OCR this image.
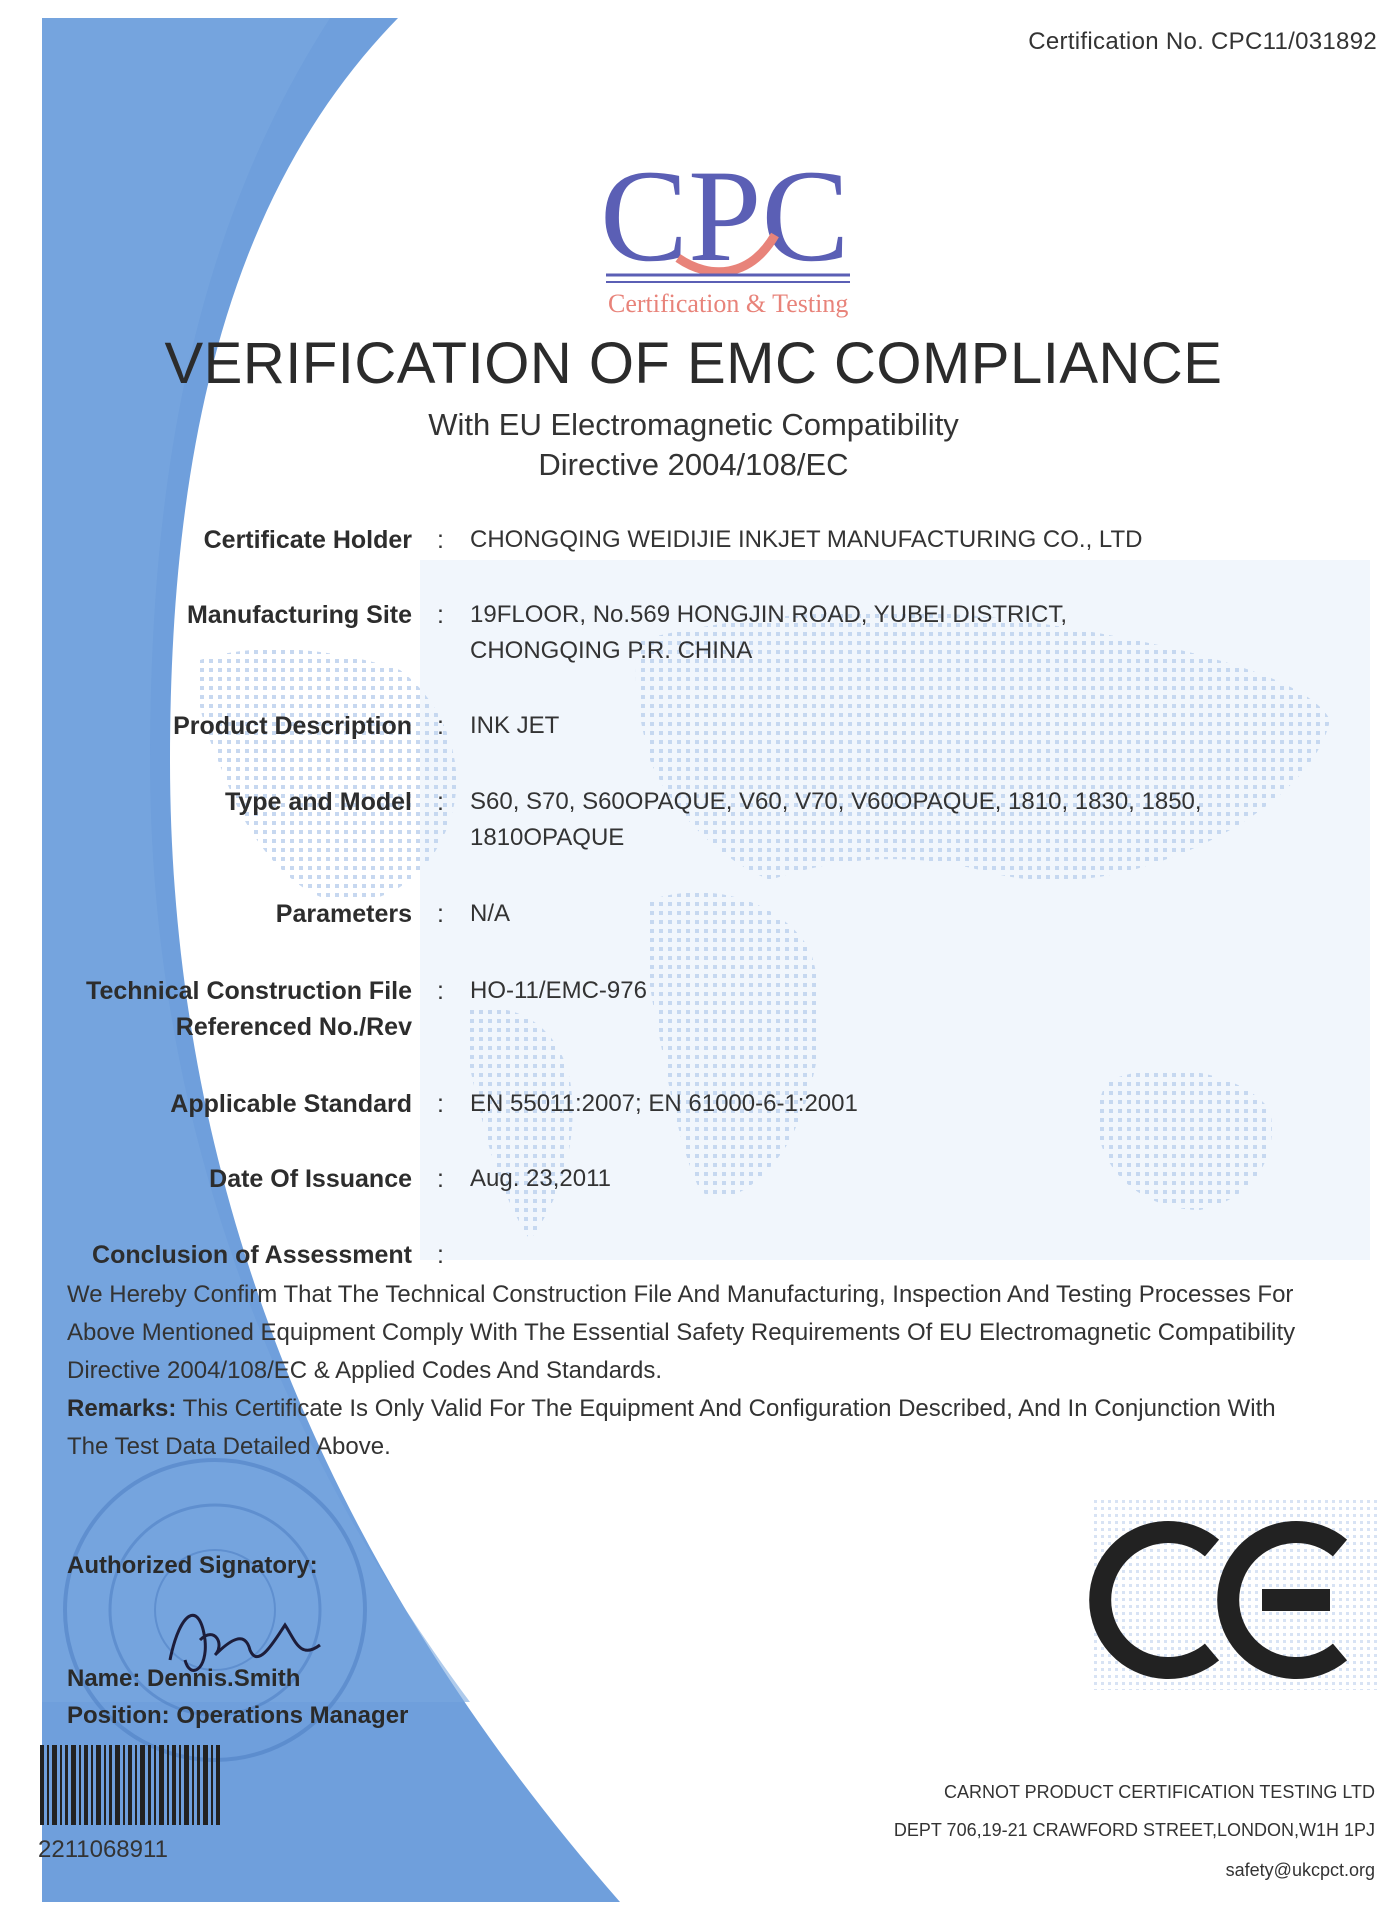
Certification No. CPC11/031892
CPC
Certification & Testing
VERIFICATION OF EMC COMPLIANCE
With EU Electromagnetic Compatibility
Directive 2004/108/EC
Certificate Holder : CHONGQING WEIDIJIE INKJET MANUFACTURING CO., LTD
Manufacturing Site : 19FLOOR, No.569 HONGJIN ROAD, YUBEI DISTRICT,
CHONGQING P.R. CHINA
Product Description : INK JET
Type and Model : S60, S70, S60OPAQUE, V60, V70, V60OPAQUE, 1810, 1830, 1850,
1810OPAQUE
Parameters : N/A
Technical Construction File
Referenced No./Rev
: HO-11/EMC-976
Applicable Standard : EN 55011:2007; EN 61000-6-1:2001
Date Of Issuance : Aug. 23,2011
Conclusion of Assessment :
We Hereby Confirm That The Technical Construction File And Manufacturing, Inspection And Testing Processes For
Above Mentioned Equipment Comply With The Essential Safety Requirements Of EU Electromagnetic Compatibility
Directive 2004/108/EC & Applied Codes And Standards.
Remarks: This Certificate Is Only Valid For The Equipment And Configuration Described, And In Conjunction With
The Test Data Detailed Above.
Authorized Signatory:
Name: Dennis.Smith
Position: Operations Manager
2211068911
CARNOT PRODUCT CERTIFICATION TESTING LTD
DEPT 706,19-21 CRAWFORD STREET,LONDON,W1H 1PJ
safety@ukcpct.org
